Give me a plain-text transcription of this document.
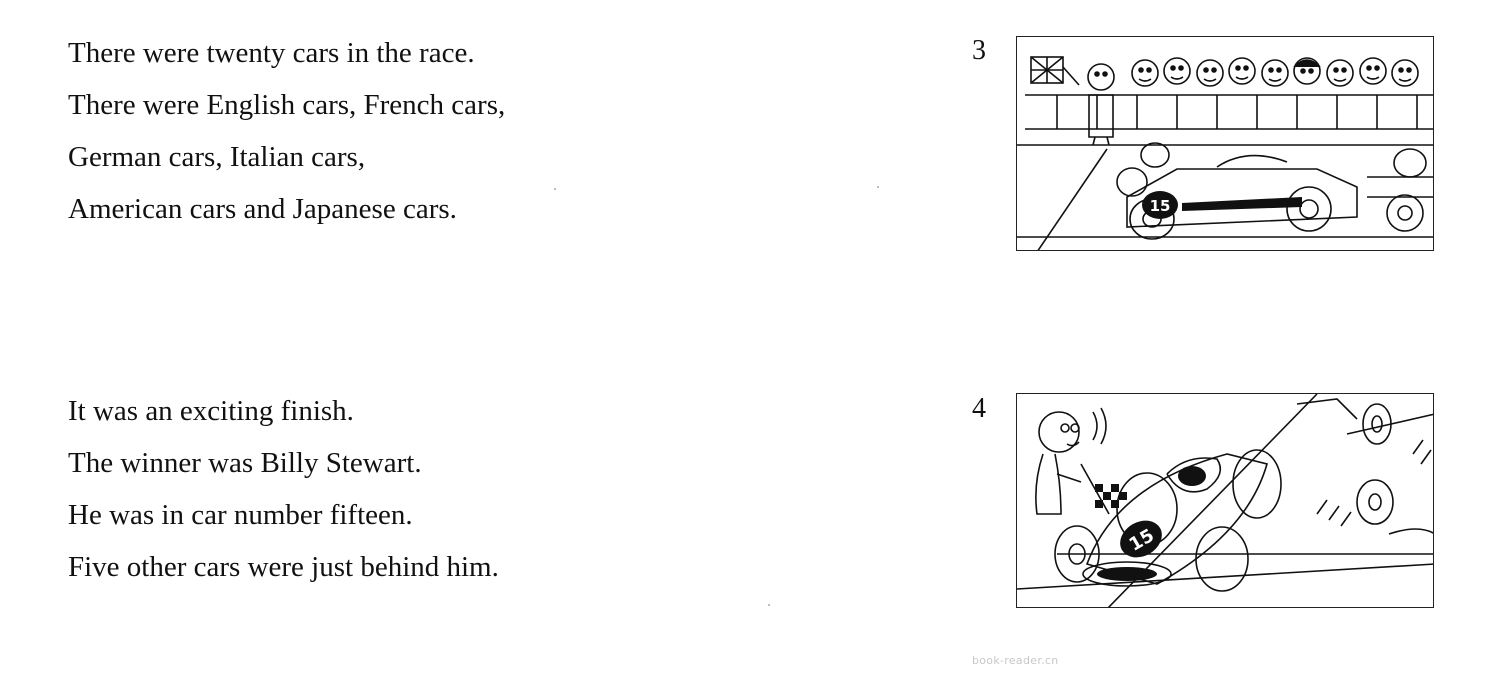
There were twenty cars in the race.
There were English cars, French cars,
German cars, Italian cars,
American cars and Japanese cars.
3
15
It was an exciting finish.
The winner was Billy Stewart.
He was in car number fifteen.
Five other cars were just behind him.
4
15
book-reader.cn
